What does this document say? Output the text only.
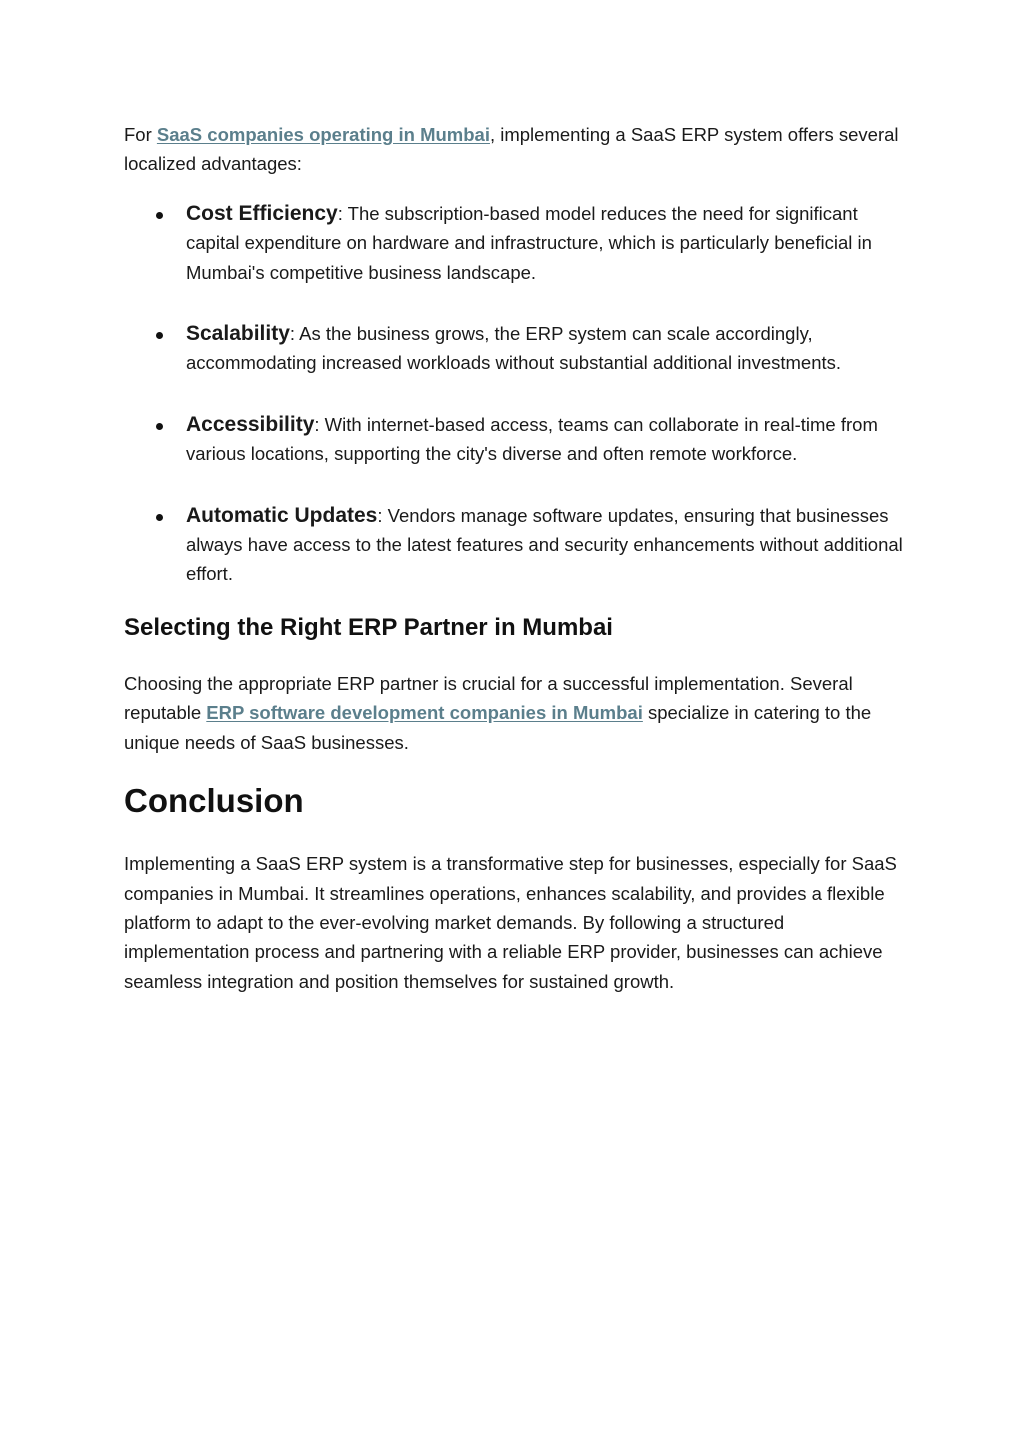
For SaaS companies operating in Mumbai, implementing a SaaS ERP system offers several localized advantages:

Cost Efficiency: The subscription-based model reduces the need for significant capital expenditure on hardware and infrastructure, which is particularly beneficial in Mumbai's competitive business landscape.
Scalability: As the business grows, the ERP system can scale accordingly, accommodating increased workloads without substantial additional investments.
Accessibility: With internet-based access, teams can collaborate in real-time from various locations, supporting the city's diverse and often remote workforce.
Automatic Updates: Vendors manage software updates, ensuring that businesses always have access to the latest features and security enhancements without additional effort.
Selecting the Right ERP Partner in Mumbai

Choosing the appropriate ERP partner is crucial for a successful implementation. Several reputable ERP software development companies in Mumbai specialize in catering to the unique needs of SaaS businesses.

Conclusion

Implementing a SaaS ERP system is a transformative step for businesses, especially for SaaS companies in Mumbai. It streamlines operations, enhances scalability, and provides a flexible platform to adapt to the ever-evolving market demands. By following a structured implementation process and partnering with a reliable ERP provider, businesses can achieve seamless integration and position themselves for sustained growth.
